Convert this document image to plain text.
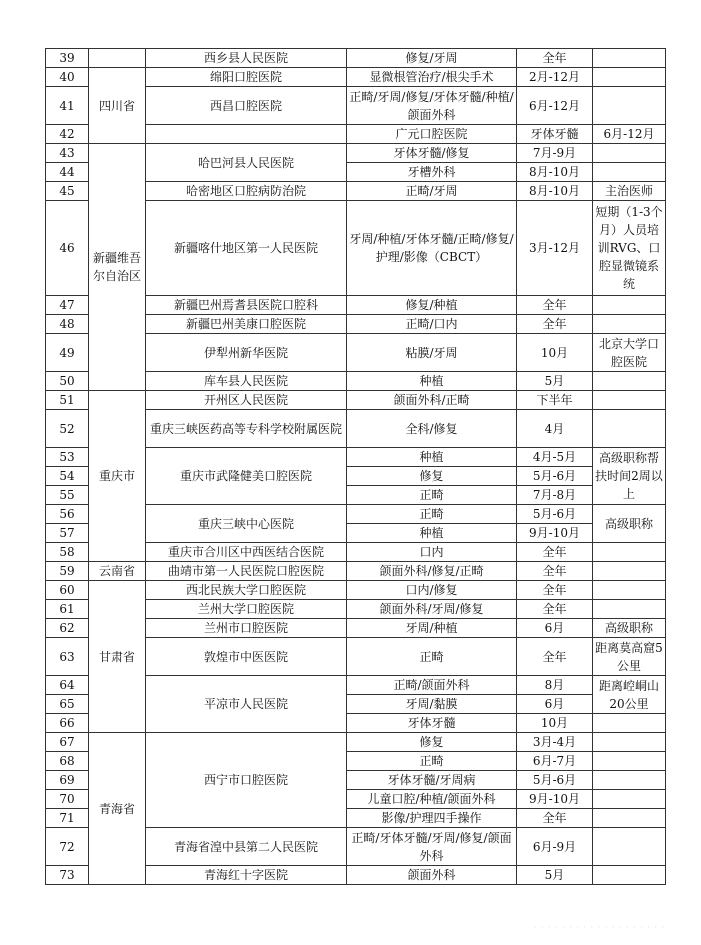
39		西乡县人民医院	修复/牙周	全年		
40	四川省	绵阳口腔医院	显微根管治疗/根尖手术	2月-12月		
41		西昌口腔医院	正畸/牙周/修复/牙体牙髓/种植/颌面外科	6月-12月		
42			广元口腔医院	牙体牙髓	6月-12月	
43	新疆维吾尔自治区	哈巴河县人民医院	牙体牙髓/修复	7月-9月		
44			牙槽外科	8月-10月		
45		哈密地区口腔病防治院	正畸/牙周	8月-10月	主治医师	
46		新疆喀什地区第一人民医院	牙周/种植/牙体牙髓/正畸/修复/护理/影像（CBCT）	3月-12月	短期（1-3个月）人员培训RVG、口腔显微镜系统	
47		新疆巴州焉耆县医院口腔科	修复/种植	全年		
48		新疆巴州美康口腔医院	正畸/口内	全年		
49		伊犁州新华医院	粘膜/牙周	10月	北京大学口腔医院	
50		库车县人民医院	种植	5月		
51	重庆市	开州区人民医院	颌面外科/正畸	下半年		
52		重庆三峡医药高等专科学校附属医院	全科/修复	4月		
53		重庆市武隆健美口腔医院	种植	4月-5月	高级职称帮扶时间2周以上	
54			修复	5月-6月		
55			正畸	7月-8月		
56		重庆三峡中心医院	正畸	5月-6月	高级职称	
57			种植	9月-10月		
58		重庆市合川区中西医结合医院	口内	全年		
59	云南省	曲靖市第一人民医院口腔医院	颌面外科/修复/正畸	全年		
60	甘肃省	西北民族大学口腔医院	口内/修复	全年		
61		兰州大学口腔医院	颌面外科/牙周/修复	全年		
62		兰州市口腔医院	牙周/种植	6月	高级职称	
63		敦煌市中医医院	正畸	全年	距离莫高窟5公里	
64		平凉市人民医院	正畸/颌面外科	8月	距离崆峒山20公里	
65			牙周/黏膜	6月		
66			牙体牙髓	10月		
67	青海省	西宁市口腔医院	修复	3月-4月		
68			正畸	6月-7月		
69			牙体牙髓/牙周病	5月-6月		
70			儿童口腔/种植/颌面外科	9月-10月		
71			影像/护理四手操作	全年		
72		青海省湟中县第二人民医院	正畸/牙体牙髓/牙周/修复/颌面外科	6月-9月		
73		青海红十字医院	颌面外科	5月		
· · · · · · · · · · · · · · · · · · ·
